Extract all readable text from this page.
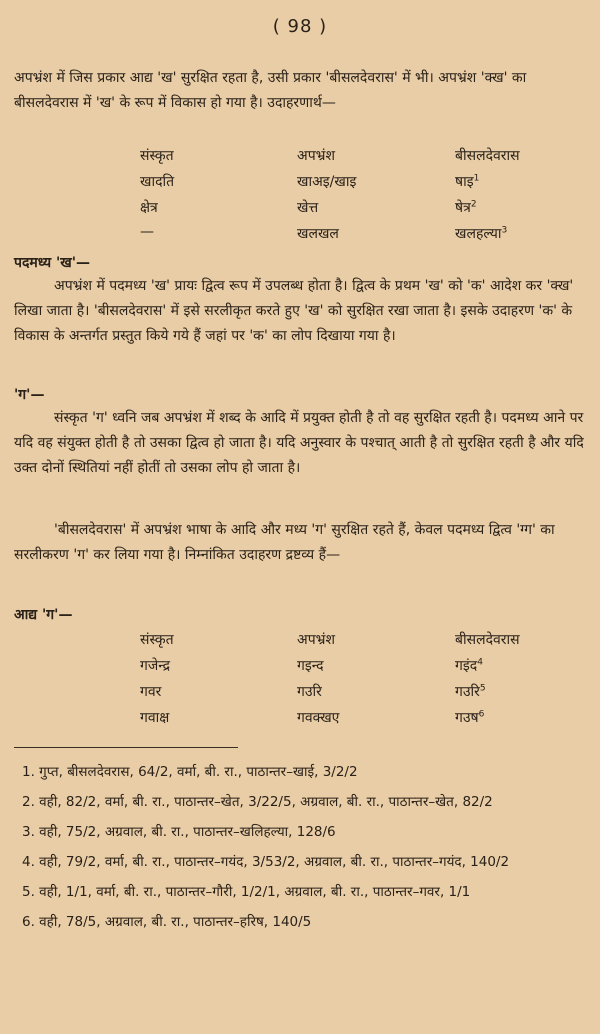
( 98 )

अपभ्रंश में जिस प्रकार आद्य 'ख' सुरक्षित रहता है, उसी प्रकार 'बीसलदेवरास' में भी। अपभ्रंश 'क्ख' का बीसलदेवरास में 'ख' के रूप में विकास हो गया है। उदाहरणार्थ—

संस्कृत	अपभ्रंश	बीसलदेवरास
खादति	खाअइ/खाइ	षाइ$^1$
क्षेत्र	खेत्त	षेत्र$^2$
—	खलखल	खलहल्या$^3$

पदमध्य 'ख'—

अपभ्रंश में पदमध्य 'ख' प्रायः द्वित्व रूप में उपलब्ध होता है। द्वित्व के प्रथम 'ख' को 'क' आदेश कर 'क्ख' लिखा जाता है। 'बीसलदेवरास' में इसे सरलीकृत करते हुए 'ख' को सुरक्षित रखा जाता है। इसके उदाहरण 'क' के विकास के अन्तर्गत प्रस्तुत किये गये हैं जहां पर 'क' का लोप दिखाया गया है।

'ग'—

संस्कृत 'ग' ध्वनि जब अपभ्रंश में शब्द के आदि में प्रयुक्त होती है तो वह सुरक्षित रहती है। पदमध्य आने पर यदि वह संयुक्त होती है तो उसका द्वित्व हो जाता है। यदि अनुस्वार के पश्चात् आती है तो सुरक्षित रहती है और यदि उक्त दोनों स्थितियां नहीं होतीं तो उसका लोप हो जाता है।

'बीसलदेवरास' में अपभ्रंश भाषा के आदि और मध्य 'ग' सुरक्षित रहते हैं, केवल पदमध्य द्वित्व 'ग्ग' का सरलीकरण 'ग' कर लिया गया है। निम्नांकित उदाहरण द्रष्टव्य हैं—

आद्य 'ग'—

संस्कृत	अपभ्रंश	बीसलदेवरास
गजेन्द्र	गइन्द	गइंद$^4$
गवर	गउरि	गउरि$^5$
गवाक्ष	गवक्खए	गउष$^6$
1. गुप्त, बीसलदेवरास, 64/2, वर्मा, बी. रा., पाठान्तर–खाई, 3/2/2
2. वही, 82/2, वर्मा, बी. रा., पाठान्तर–खेत, 3/22/5, अग्रवाल, बी. रा., पाठान्तर–खेत, 82/2
3. वही, 75/2, अग्रवाल, बी. रा., पाठान्तर–खलिहल्या, 128/6
4. वही, 79/2, वर्मा, बी. रा., पाठान्तर–गयंद, 3/53/2, अग्रवाल, बी. रा., पाठान्तर–गयंद, 140/2
5. वही, 1/1, वर्मा, बी. रा., पाठान्तर–गौरी, 1/2/1, अग्रवाल, बी. रा., पाठान्तर–गवर, 1/1
6. वही, 78/5, अग्रवाल, बी. रा., पाठान्तर–हरिष, 140/5
